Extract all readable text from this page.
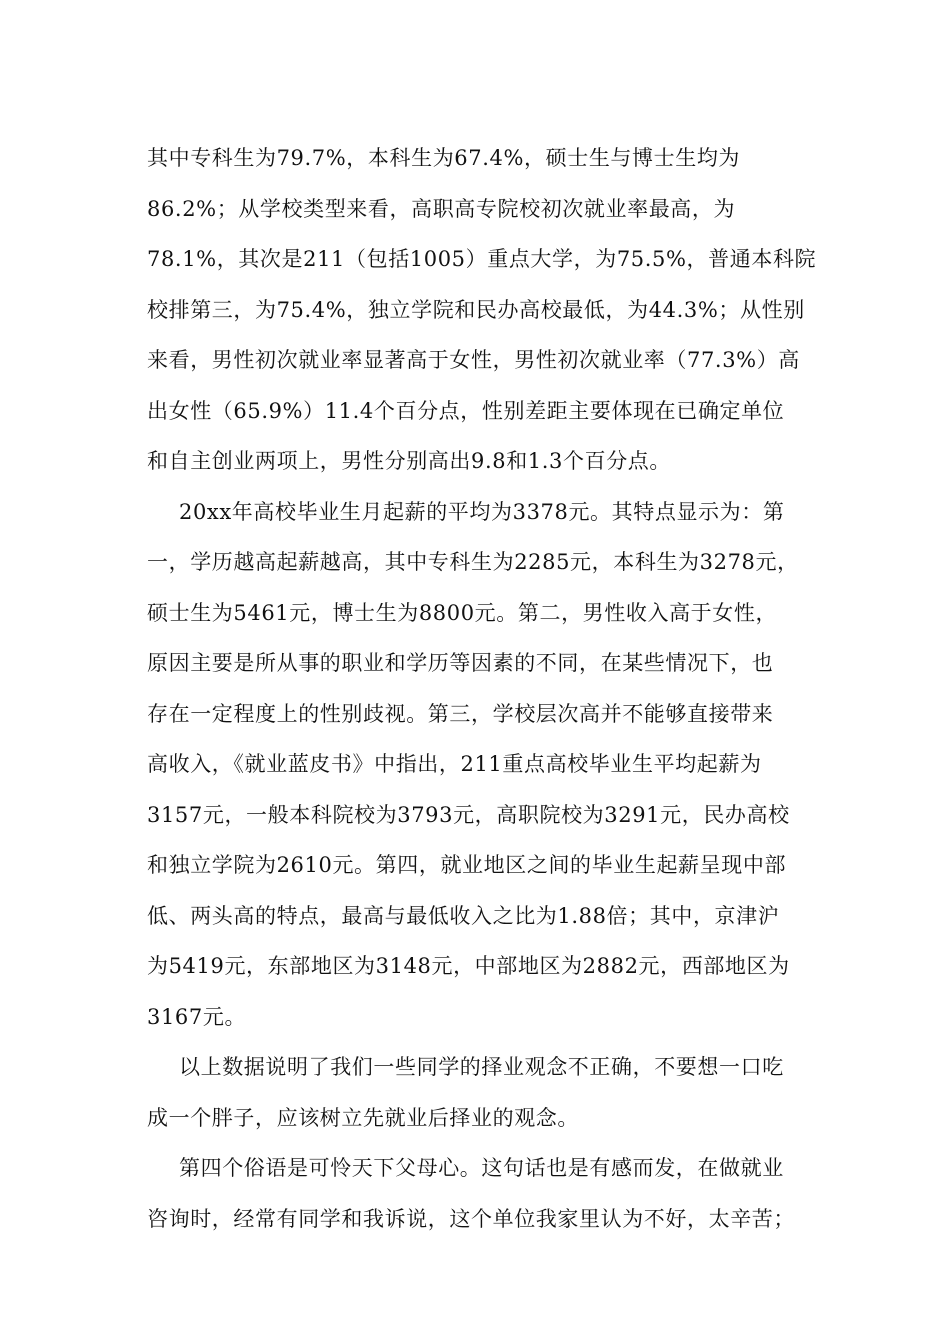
其中专科生为79.7%，本科生为67.4%，硕士生与博士生均为
86.2%；从学校类型来看，高职高专院校初次就业率最高，为
78.1%，其次是211（包括1005）重点大学，为75.5%，普通本科院
校排第三，为75.4%，独立学院和民办高校最低，为44.3%；从性别
来看，男性初次就业率显著高于女性，男性初次就业率（77.3%）高
出女性（65.9%）11.4个百分点，性别差距主要体现在已确定单位
和自主创业两项上，男性分别高出9.8和1.3个百分点。
20xx年高校毕业生月起薪的平均为3378元。其特点显示为：第
一，学历越高起薪越高，其中专科生为2285元，本科生为3278元，
硕士生为5461元，博士生为8800元。第二，男性收入高于女性，
原因主要是所从事的职业和学历等因素的不同，在某些情况下，也
存在一定程度上的性别歧视。第三，学校层次高并不能够直接带来
高收入，《就业蓝皮书》中指出，211重点高校毕业生平均起薪为
3157元，一般本科院校为3793元，高职院校为3291元，民办高校
和独立学院为2610元。第四，就业地区之间的毕业生起薪呈现中部
低、两头高的特点，最高与最低收入之比为1.88倍；其中，京津沪
为5419元，东部地区为3148元，中部地区为2882元，西部地区为
3167元。
以上数据说明了我们一些同学的择业观念不正确，不要想一口吃
成一个胖子，应该树立先就业后择业的观念。
第四个俗语是可怜天下父母心。这句话也是有感而发，在做就业
咨询时，经常有同学和我诉说，这个单位我家里认为不好，太辛苦；
